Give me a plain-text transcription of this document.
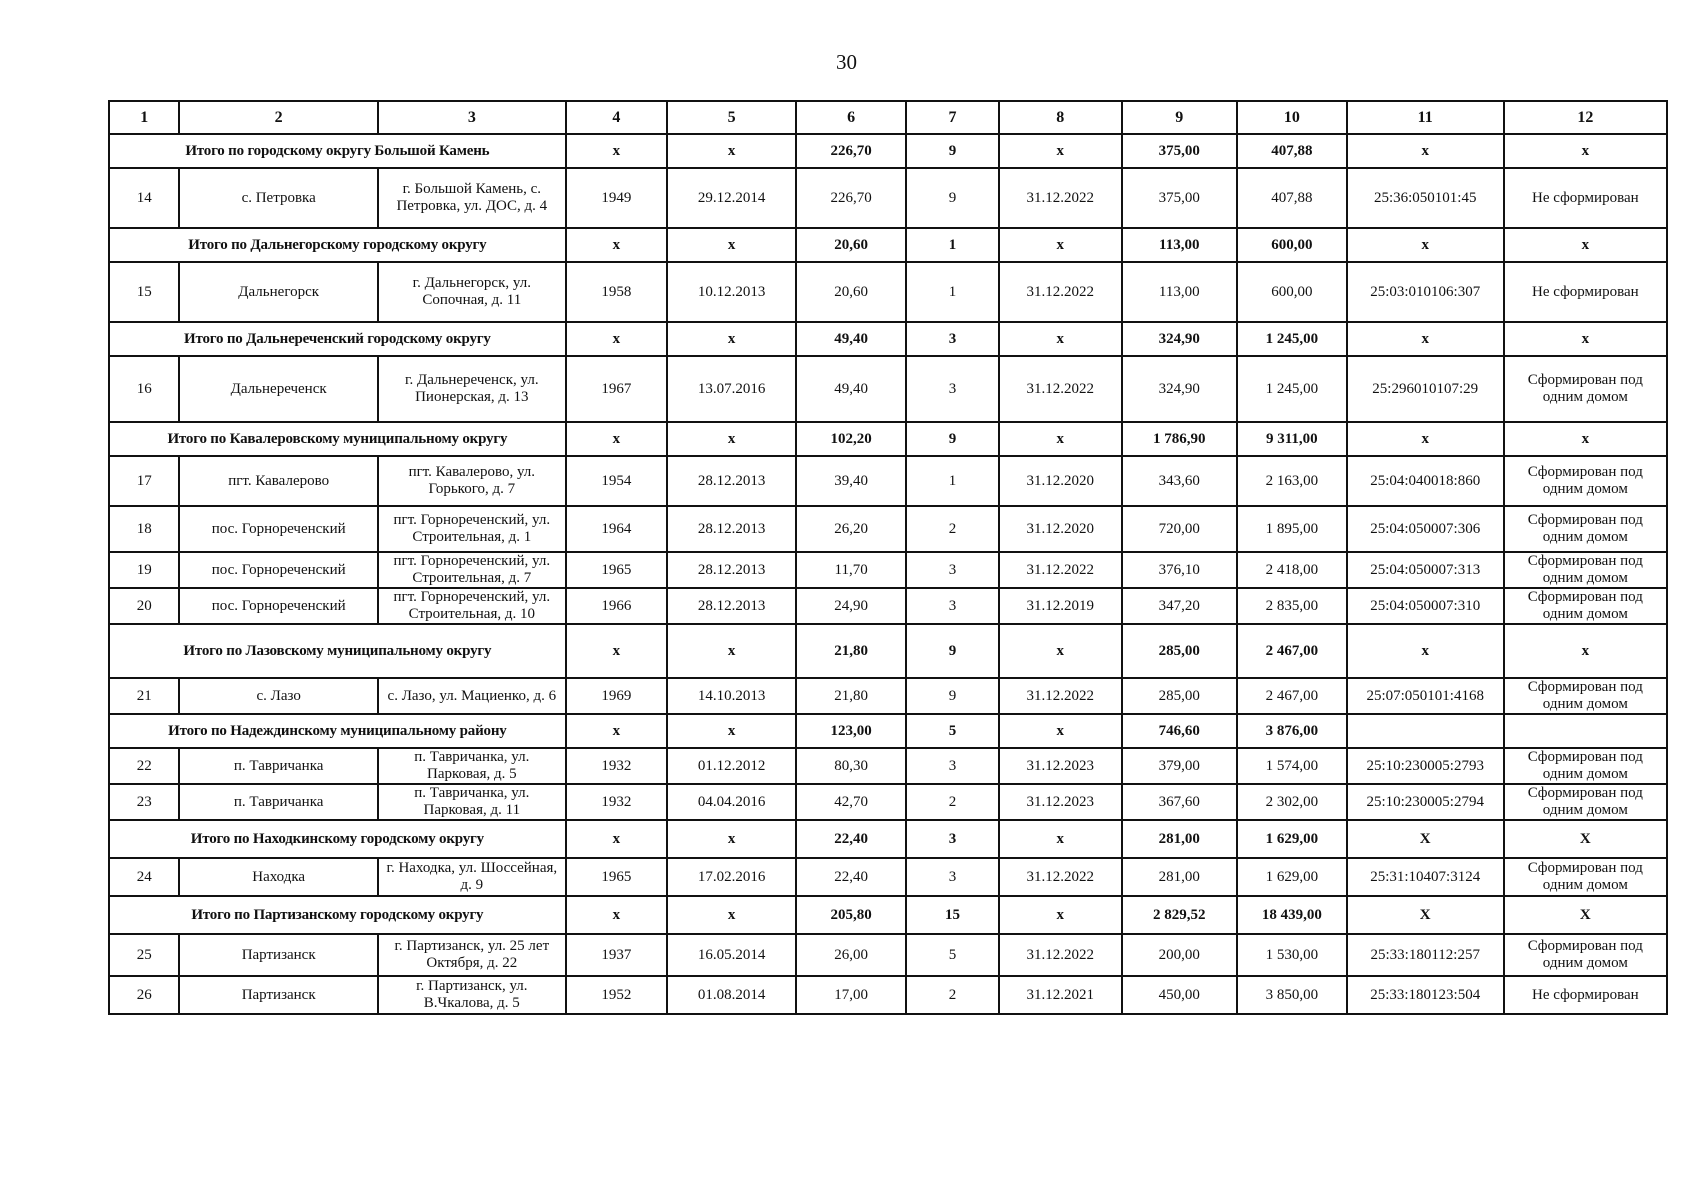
30
1	2	3	4	5	6	7	8	9	10	11	12
Итого по городскому округу Большой Камень			x	x	226,70	9	x	375,00	407,88	x	x
14	с. Петровка	г. Большой Камень, с. Петровка, ул. ДОС, д. 4	1949	29.12.2014	226,70	9	31.12.2022	375,00	407,88	25:36:050101:45	Не сформирован
Итого по Дальнегорскому городскому округу			x	x	20,60	1	x	113,00	600,00	x	x
15	Дальнегорск	г. Дальнегорск, ул. Сопочная, д. 11	1958	10.12.2013	20,60	1	31.12.2022	113,00	600,00	25:03:010106:307	Не сформирован
Итого по Дальнереченский городскому округу			x	x	49,40	3	x	324,90	1 245,00	x	x
16	Дальнереченск	г. Дальнереченск, ул. Пионерская, д. 13	1967	13.07.2016	49,40	3	31.12.2022	324,90	1 245,00	25:296010107:29	Сформирован под одним домом
Итого по Кавалеровскому муниципальному округу			x	x	102,20	9	x	1 786,90	9 311,00	x	x
17	пгт. Кавалерово	пгт. Кавалерово, ул. Горького, д. 7	1954	28.12.2013	39,40	1	31.12.2020	343,60	2 163,00	25:04:040018:860	Сформирован под одним домом
18	пос. Горнореченский	пгт. Горнореченский, ул. Строительная, д. 1	1964	28.12.2013	26,20	2	31.12.2020	720,00	1 895,00	25:04:050007:306	Сформирован под одним домом
19	пос. Горнореченский	пгт. Горнореченский, ул. Строительная, д. 7	1965	28.12.2013	11,70	3	31.12.2022	376,10	2 418,00	25:04:050007:313	Сформирован под одним домом
20	пос. Горнореченский	пгт. Горнореченский, ул. Строительная, д. 10	1966	28.12.2013	24,90	3	31.12.2019	347,20	2 835,00	25:04:050007:310	Сформирован под одним домом
Итого по Лазовскому муниципальному округу			x	x	21,80	9	x	285,00	2 467,00	x	x
21	с. Лазо	с. Лазо, ул. Мациенко, д. 6	1969	14.10.2013	21,80	9	31.12.2022	285,00	2 467,00	25:07:050101:4168	Сформирован под одним домом
Итого по Надеждинскому муниципальному району			x	x	123,00	5	x	746,60	3 876,00		
22	п. Тавричанка	п. Тавричанка, ул. Парковая, д. 5	1932	01.12.2012	80,30	3	31.12.2023	379,00	1 574,00	25:10:230005:2793	Сформирован под одним домом
23	п. Тавричанка	п. Тавричанка, ул. Парковая, д. 11	1932	04.04.2016	42,70	2	31.12.2023	367,60	2 302,00	25:10:230005:2794	Сформирован под одним домом
Итого по Находкинскому городскому округу			x	x	22,40	3	x	281,00	1 629,00	X	X
24	Находка	г. Находка, ул. Шоссейная, д. 9	1965	17.02.2016	22,40	3	31.12.2022	281,00	1 629,00	25:31:10407:3124	Сформирован под одним домом
Итого по Партизанскому городскому округу			x	x	205,80	15	x	2 829,52	18 439,00	X	X
25	Партизанск	г. Партизанск, ул. 25 лет Октября, д. 22	1937	16.05.2014	26,00	5	31.12.2022	200,00	1 530,00	25:33:180112:257	Сформирован под одним домом
26	Партизанск	г. Партизанск, ул. В.Чкалова, д. 5	1952	01.08.2014	17,00	2	31.12.2021	450,00	3 850,00	25:33:180123:504	Не сформирован
